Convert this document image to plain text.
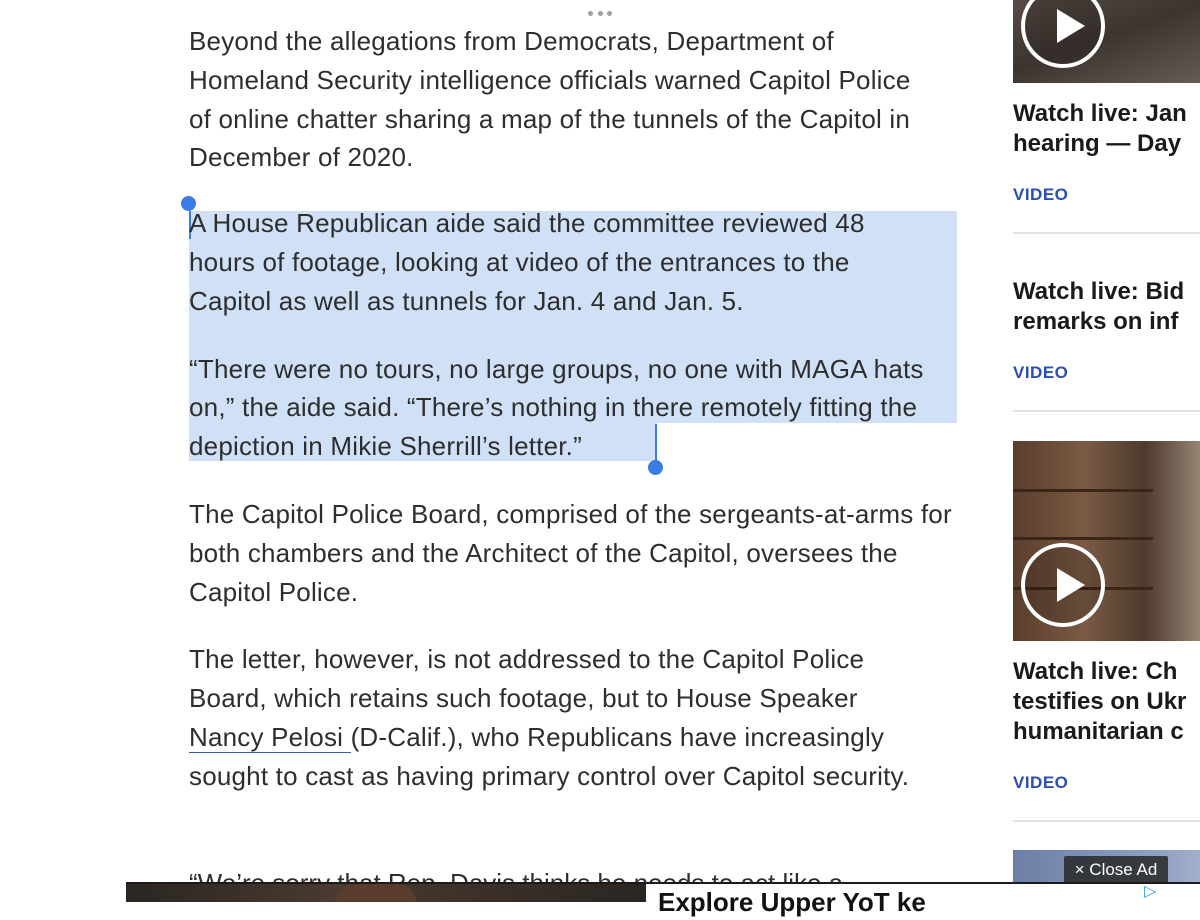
Beyond the allegations from Democrats, Department of Homeland Security intelligence officials warned Capitol Police of online chatter sharing a map of the tunnels of the Capitol in December of 2020.

A House Republican aide said the committee reviewed 48 hours of footage, looking at video of the entrances to the Capitol as well as tunnels for Jan. 4 and Jan. 5.

“There were no tours, no large groups, no one with MAGA hats on,” the aide said. “There’s nothing in there remotely fitting the depiction in Mikie Sherrill’s letter.”

The Capitol Police Board, comprised of the sergeants-at-arms for both chambers and the Architect of the Capitol, oversees the Capitol Police.

The letter, however, is not addressed to the Capitol Police Board, which retains such footage, but to House Speaker Nancy Pelosi (D-Calif.), who Republicans have increasingly sought to cast as having primary control over Capitol security.

Watch live: Jan
hearing — Day
VIDEO
Watch live: Bid
remarks on inf
VIDEO
Watch live: Ch
testifies on Ukr
humanitarian c
VIDEO
× Close Ad
Explore Upper YoT ke	▷
